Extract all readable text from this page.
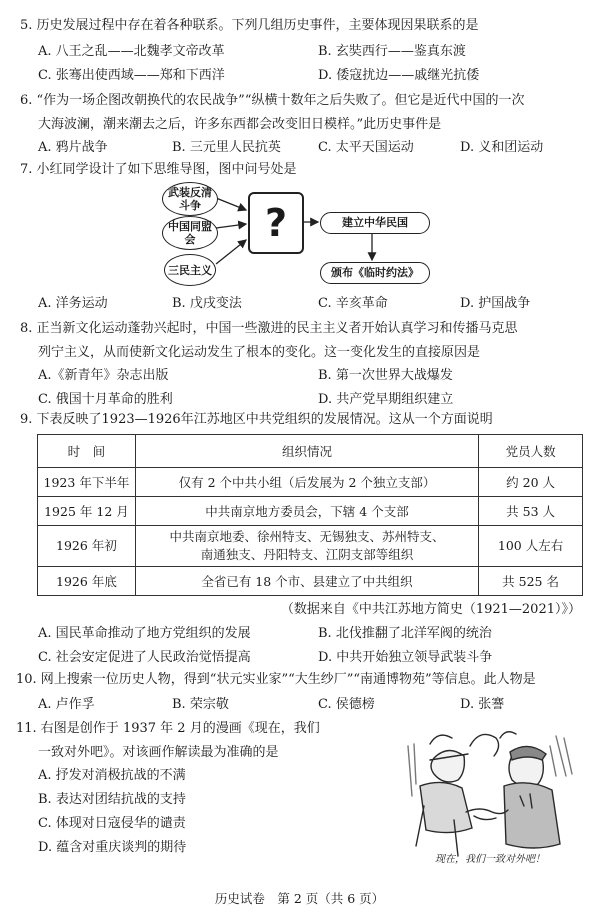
5. 历史发展过程中存在着各种联系。下列几组历史事件，主要体现因果联系的是
A. 八王之乱——北魏孝文帝改革	B. 玄奘西行——鉴真东渡
C. 张骞出使西域——郑和下西洋	D. 倭寇扰边——戚继光抗倭
6. “作为一场企图改朝换代的农民战争”“纵横十数年之后失败了。但它是近代中国的一次
大海波澜，潮来潮去之后，许多东西都会改变旧日模样。”此历史事件是
A. 鸦片战争	B. 三元里人民抗英	C. 太平天国运动	D. 义和团运动
7. 小红同学设计了如下思维导图，图中问号处是
武装反清斗争
中国同盟会
三民主义
?	建立中华民国
颁布《临时约法》
A. 洋务运动	B. 戊戌变法	C. 辛亥革命	D. 护国战争
8. 正当新文化运动蓬勃兴起时，中国一些激进的民主主义者开始认真学习和传播马克思
列宁主义，从而使新文化运动发生了根本的变化。这一变化发生的直接原因是
A.《新青年》杂志出版	B. 第一次世界大战爆发
C. 俄国十月革命的胜利	D. 共产党早期组织建立
9. 下表反映了1923—1926年江苏地区中共党组织的发展情况。这从一个方面说明
时　间	组织情况	党员人数
1923 年下半年	仅有 2 个中共小组（后发展为 2 个独立支部）	约 20 人
1925 年 12 月	中共南京地方委员会，下辖 4 个支部	共 53 人
1926 年初	中共南京地委、徐州特支、无锡独支、苏州特支、
南通独支、丹阳特支、江阴支部等组织	100 人左右
1926 年底	全省已有 18 个市、县建立了中共组织	共 525 名
（数据来自《中共江苏地方简史（1921—2021）》）
A. 国民革命推动了地方党组织的发展	B. 北伐推翻了北洋军阀的统治
C. 社会安定促进了人民政治觉悟提高	D. 中共开始独立领导武装斗争
10. 网上搜索一位历史人物，得到“状元实业家”“大生纱厂”“南通博物苑”等信息。此人物是
A. 卢作孚	B. 荣宗敬	C. 侯德榜	D. 张謇
11. 右图是创作于 1937 年 2 月的漫画《现在，我们
一致对外吧》。对该画作解读最为准确的是
A. 抒发对消极抗战的不满
B. 表达对团结抗战的支持
C. 体现对日寇侵华的谴责
D. 蕴含对重庆谈判的期待
现在，我们一致对外吧！
历史试卷　第 2 页（共 6 页）
